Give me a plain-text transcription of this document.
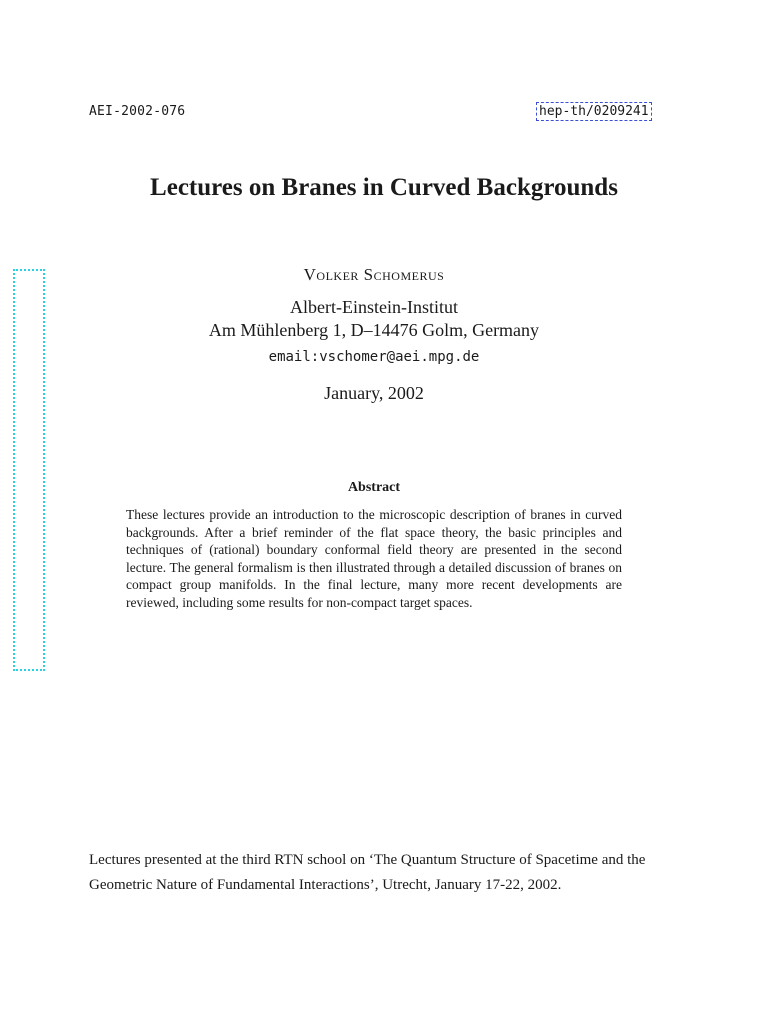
AEI-2002-076	hep-th/0209241
Lectures on Branes in Curved Backgrounds
Volker Schomerus
Albert-Einstein-Institut
Am Mühlenberg 1, D–14476 Golm, Germany
email:vschomer@aei.mpg.de
January, 2002
Abstract

These lectures provide an introduction to the microscopic description of branes in curved backgrounds. After a brief reminder of the flat space theory, the basic principles and techniques of (rational) boundary conformal field theory are presented in the second lecture. The general formalism is then illustrated through a detailed discussion of branes on compact group manifolds. In the final lecture, many more recent developments are reviewed, including some results for non-compact target spaces.

Lectures presented at the third RTN school on ‘The Quantum Structure of Spacetime and the Geometric Nature of Fundamental Interactions’, Utrecht, January 17-22, 2002.
